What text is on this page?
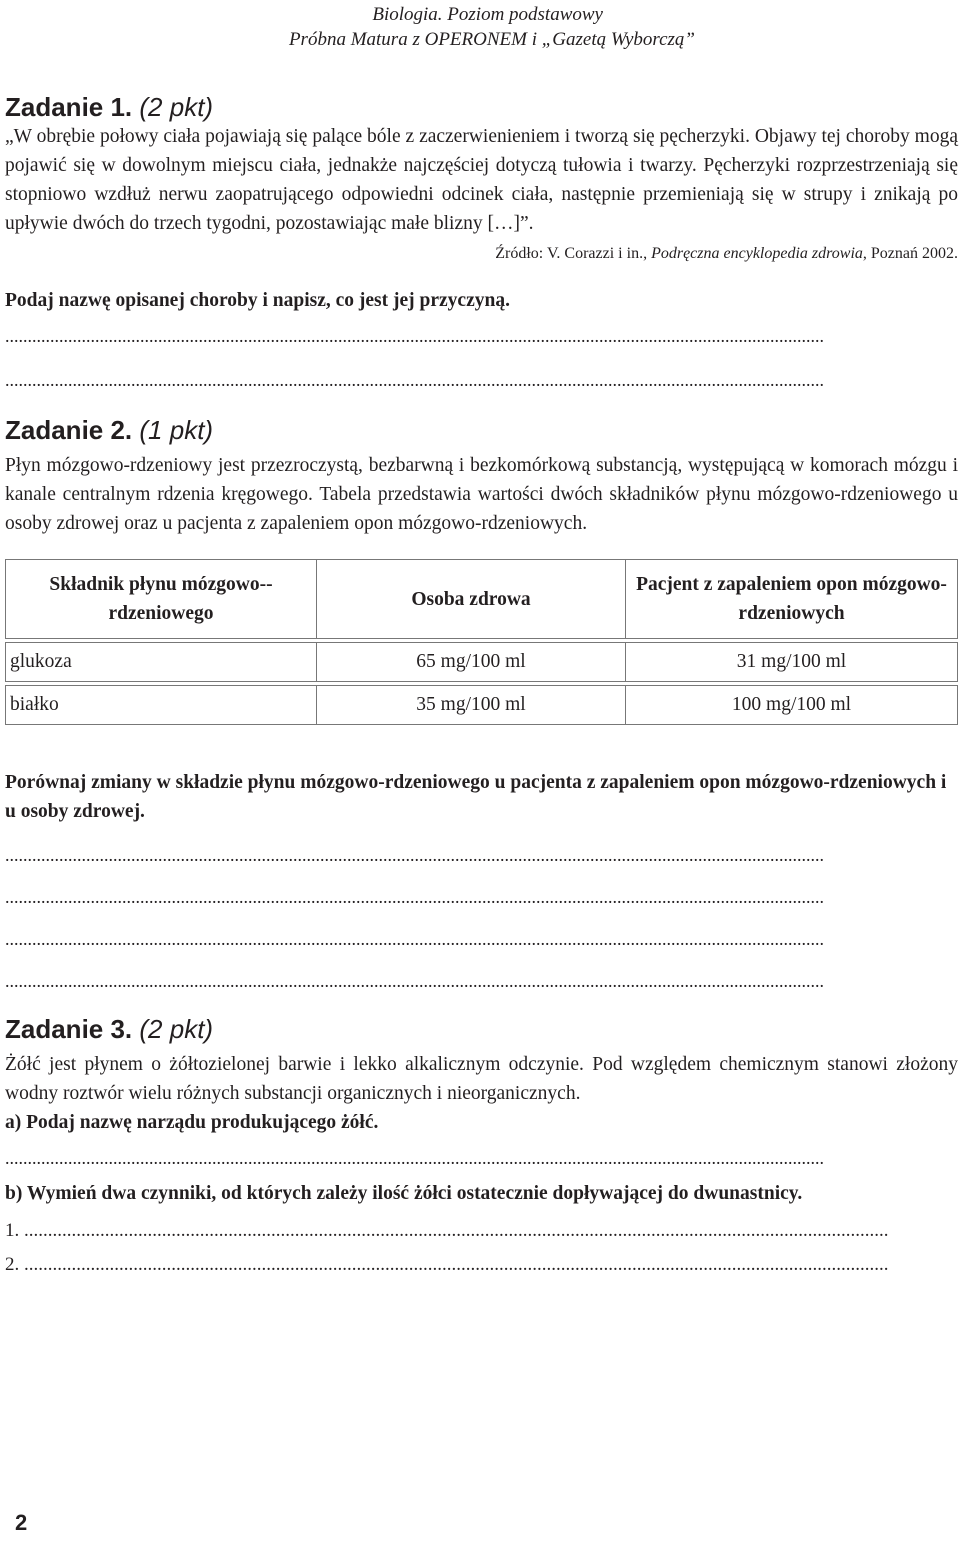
Biologia. Poziom podstawowy
Próbna Matura z OPERONEM i „Gazetą Wyborczą”
Zadanie 1. (2 pkt)

„W obrębie połowy ciała pojawiają się palące bóle z zaczerwienieniem i tworzą się pęcherzyki. Objawy tej choroby mogą pojawić się w dowolnym miejscu ciała, jednakże najczęściej dotyczą tułowia i twarzy. Pęcherzyki rozprzestrzeniają się stopniowo wzdłuż nerwu zaopatrującego odpowiedni odcinek ciała, następnie przemieniają się w strupy i znikają po upływie dwóch do trzech tygodni, pozostawiając małe blizny […]”.

Źródło: V. Corazzi i in., Podręczna encyklopedia zdrowia, Poznań 2002.

Podaj nazwę opisanej choroby i napisz, co jest jej przyczyną.

......................................................................................................................................................................................
......................................................................................................................................................................................
Zadanie 2. (1 pkt)

Płyn mózgowo-rdzeniowy jest przezroczystą, bezbarwną i bezkomórkową substancją, występującą w komorach mózgu i kanale centralnym rdzenia kręgowego. Tabela przedstawia wartości dwóch składników płynu mózgowo-rdzeniowego u osoby zdrowej oraz u pacjenta z zapaleniem opon mózgowo-rdzeniowych.

Składnik płynu mózgowo--rdzeniowego	Osoba zdrowa	Pacjent z zapaleniem opon mózgowo-rdzeniowych
glukoza	65 mg/100 ml	31 mg/100 ml
białko	35 mg/100 ml	100 mg/100 ml

Porównaj zmiany w składzie płynu mózgowo-rdzeniowego u pacjenta z zapaleniem opon mózgowo-rdzeniowych i u osoby zdrowej.

......................................................................................................................................................................................
......................................................................................................................................................................................
......................................................................................................................................................................................
......................................................................................................................................................................................
Zadanie 3. (2 pkt)

Żółć jest płynem o żółtozielonej barwie i lekko alkalicznym odczynie. Pod względem chemicznym stanowi złożony wodny roztwór wielu różnych substancji organicznych i nieorganicznych.

a) Podaj nazwę narządu produkującego żółć.

......................................................................................................................................................................................

b) Wymień dwa czynniki, od których zależy ilość żółci ostatecznie dopływającej do dwunastnicy.

1. ......................................................................................................................................................................................
2. ......................................................................................................................................................................................
2
